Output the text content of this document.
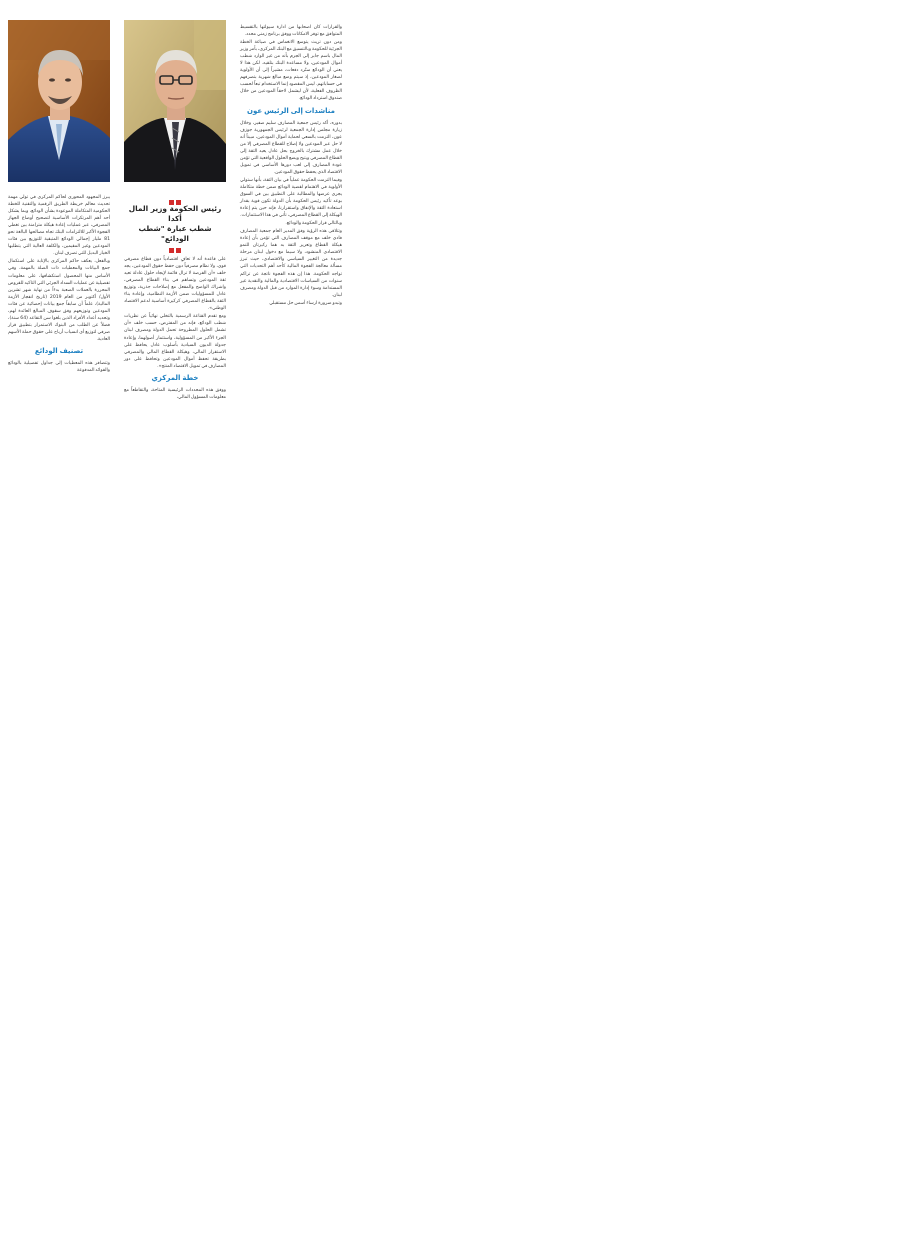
رئيس الحكومة وزير المال أكدا
شطب عبارة "شطب الودائع"

والقرارات كان اصحابها من ادارة سيولتها بالتقسيط المتوافق مع توفر الامكانات ووفق برنامج زمني محدد.

ومن دون تريث يتوسع الانغماس في صياغة الخطة الجزئية للحكومة وبالتنسيق مع البنك المركزي، بأمر وزير المال باسم جابر إلى الجزم بأنه من غير الوارد شطب أموال المودعين، ولا مساعدة البنك بتلقيه. لكن هذا لا يعني أن الودائع ستُرد دفعات، مشيراً إلى أن الأولوية لصغار المودعين، إذ سيتم وضع مبالغ شهرية بتصرفهم في حساباتهم. ليس المقصود إنما الاستخدام تبعاً لحسب الظروف الفعلية، لأن ليشمل لاحقاً المودعين من خلال صندوق استرداد الودائع.

مناشدات إلى الرئيس عون

بدوره، أكد رئيس جمعية المصارف سليم صفير، وخلال زيارة مجلس إدارة الجمعية لرئيس الجمهورية جوزف عون، التزمت بالسعي لحماية أموال المودعين، مبيناً أنه لا حل عبر المودعين ولا إصلاح للقطاع المصرفي إلا من خلال عمل مشترك بالخروج بحل عادل يعيد الثقة إلى القطاع المصرفي ويتيح ويضع الحلول الواقعية التي تؤمن عودة المصارف إلى لعب دورها الأساسي في تمويل الاقتصاد الذي يحفظ حقوق المودعين.

وفيما التزمت الحكومة عملياً في بيان الثقة، بأنها ستولي الأولوية في الاهتمام لقضية الودائع ضمن خطة متكاملة يجري عرضها والمطالبة على التطبيق بين في السوق بوعد تأكيد رئيس الحكومة بأن الدولة تكون قوية بقدار استعادة الثقة والإنفاق واستقرارنا، فإنه حين يتم إعادة الهيكلة إلى القطاع المصرفي، تأتي في هذا الاستثمارات.

وبالتالي قرار الحكومة والودائع.

وتتلاقى هذه الرؤية وفق المدير العام جمعية المصارف فادي خلف مع موقف المصارف التي تؤمن بأن إعادة هيكلة القطاع وتعزيز الثقة به هما ركيزتان للنمو الاقتصادي المنشود، ولا سيما مع دخول لبنان مرحلة جديدة من التغيير السياسي والاقتصادي، حيث تبرز مسألة معالجة الفجوة المالية كأحد أهم التحديات التي تواجه الحكومة. هذا إن هذه الفجوة ناتجة عن تراكم سنوات من السياسات الاقتصادية والمالية والنقدية غير المستدامة وسوء إدارة الموارد من قبل الدولة ومصرف لبنان.

وتبدو ضرورة ارساء أسس حل مستقبلي

على قاعدة أنه لا تعافٍ اقتصادياً دون قطاع مصرفي قوي، ولا نظام مصرفياً دون حفظ حقوق المودعين، يجد خلف «أن الفرصة لا تزال قائمة لإيجاد حلول عادلة تعيد ثقة المودعين وتساهم في بناء القطاع المصرفي، واشراك الواضح والمفعل مع إصلاحات جذرية، وتوزيع عادل للمسؤوليات ضمن الأزمة النظامية، وإعادة بناء الثقة بالقطاع المصرفي كركيزة أساسية لدعم الاقتصاد الوطني».

ومع تقدم القناعة الرسمية بالتخلي نهائياً عن نظريات شطب الودائع، فإنه من المفترض، حسب خلف «أن تشمل الحلول المطروحة تحمل الدولة ومصرف لبنان الجزء الأكبر من المسؤولية، واستثمار أصولهما، وإعادة جدولة الديون السيادية بأسلوب عادل يحافظ على الاستقرار المالي، وهيكلة القطاع المالي والمصرفي بطريقة تحفظ أموال المودعين وتحافظ على دور المصارف في تمويل الاقتصاد المنتج».

خطة المركزي

ووفق هذه المحددات الرئيسية المتاحة، والتقاطعاً مع معلومات المسؤول المالي،

يبرز المجهود المحوري لحاكم المركزي في تولي مهمة تحديث معالم خريطة الطريق الرقمية والتقنية للخطة الحكومية المتكاملة الموعودة بشأن الودائع، وبما يشكل أحد أهم المرتكزات الأساسية لتصحيح أوضاع الجهاز المصرفي، عبر عمليات إعادة هيكلة متزامنة بين تغطي الفجوة الأكبر للالتزامات البنك تجاه مصالحها البالغة نحو 81 مليار إجمالي الودائع المتبقية للتوزيع بين فئات المودعين وغير المقيمين، والكلفة العالية التي يتطلبها الخيار البديل للتي تصرف لبنان.

وبالفعل، يعكف حاكم المركزي بالإنابة على استكمال جمع البيانات والمعطيات ذات الصلة بالمهمة، وفي الأساس منها المحصول استكشافها، على معلومات تفصيلية عن عمليات السداد الجزئي التي التاكيد للقروض المحررة بالعملات الصعبة بدءاً من نهاية شهر تشرين الأول/ أكتوبر من العام 2019 (تاريخ انفجار الأزمة المالية)، علماً أن سابقاً جمع بيانات إحصائية عن فئات المودعين وتوزيعهم وفق سقوف المبالغ العائدة لهم، وتحديد أعداد الأفراد الذين بلغوا سن التقاعد (64 سنة)، فضلاً عن الطلب من البنوك الاستمرار بتطبيق قرار صرفي لتوزيع أي انسياب أرباح على حقوق حملة الأسهم العادية.

تصنيف الودائع

وتتضافر هذه المعطيات إلى جداول تفصيلية بالودائع والفوائد المدفوعة
